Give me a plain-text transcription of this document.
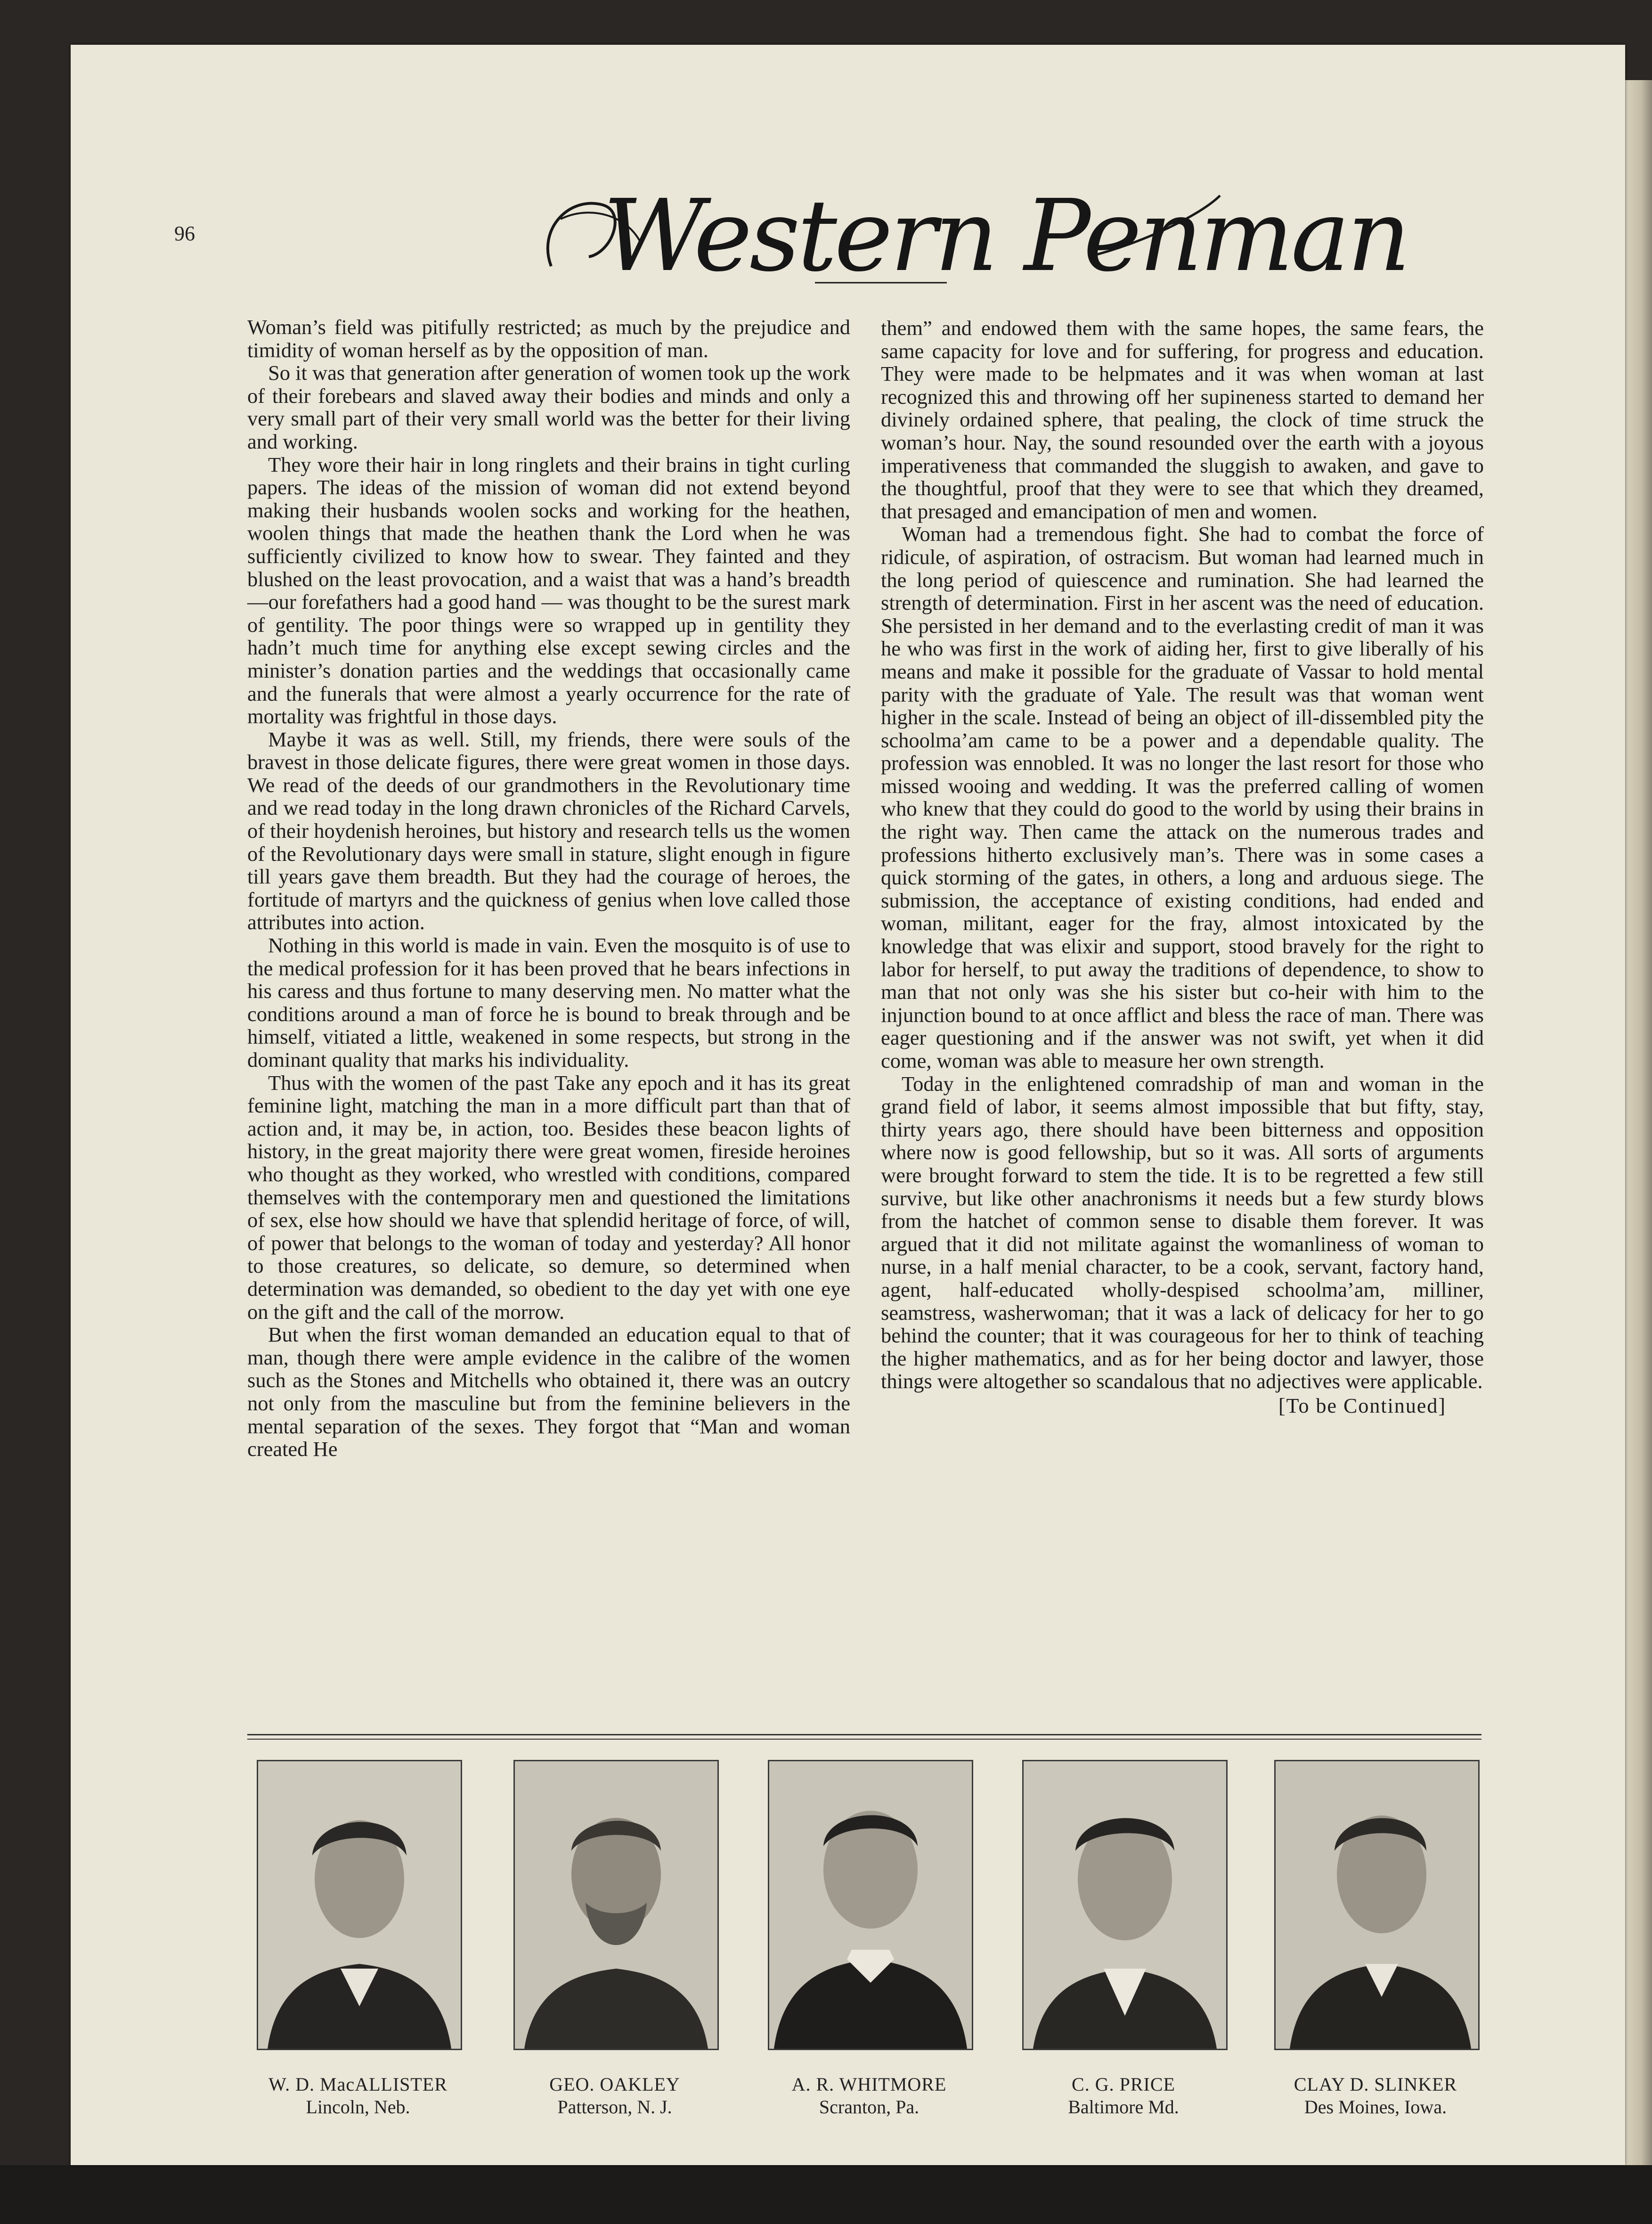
96	Western Penman

Woman’s field was pitifully restricted; as much by the prejudice and timidity of woman herself as by the opposition of man.

So it was that generation after generation of women took up the work of their forebears and slaved away their bodies and minds and only a very small part of their very small world was the better for their living and working.

They wore their hair in long ringlets and their brains in tight curling papers. The ideas of the mission of woman did not extend beyond making their husbands woolen socks and working for the heathen, woolen things that made the heathen thank the Lord when he was sufficiently civilized to know how to swear. They fainted and they blushed on the least provocation, and a waist that was a hand’s breadth—our forefathers had a good hand — was thought to be the surest mark of gentility. The poor things were so wrapped up in gentility they hadn’t much time for anything else except sewing circles and the minister’s donation parties and the weddings that occasionally came and the funerals that were almost a yearly occurrence for the rate of mortality was frightful in those days.

Maybe it was as well. Still, my friends, there were souls of the bravest in those delicate figures, there were great women in those days. We read of the deeds of our grandmothers in the Revolutionary time and we read today in the long drawn chronicles of the Richard Carvels, of their hoydenish heroines, but history and research tells us the women of the Revolutionary days were small in stature, slight enough in figure till years gave them breadth. But they had the courage of heroes, the fortitude of martyrs and the quickness of genius when love called those attributes into action.

Nothing in this world is made in vain. Even the mosquito is of use to the medical profession for it has been proved that he bears infections in his caress and thus fortune to many deserving men. No matter what the conditions around a man of force he is bound to break through and be himself, vitiated a little, weakened in some respects, but strong in the dominant quality that marks his individuality.

Thus with the women of the past Take any epoch and it has its great feminine light, matching the man in a more difficult part than that of action and, it may be, in action, too. Besides these beacon lights of history, in the great majority there were great women, fireside heroines who thought as they worked, who wrestled with conditions, compared themselves with the contemporary men and questioned the limitations of sex, else how should we have that splendid heritage of force, of will, of power that belongs to the woman of today and yesterday? All honor to those creatures, so delicate, so demure, so determined when determination was demanded, so obedient to the day yet with one eye on the gift and the call of the morrow.

But when the first woman demanded an education equal to that of man, though there were ample evidence in the calibre of the women such as the Stones and Mitchells who obtained it, there was an outcry not only from the masculine but from the feminine believers in the mental separation of the sexes. They forgot that “Man and woman created He

them” and endowed them with the same hopes, the same fears, the same capacity for love and for suffering, for progress and education. They were made to be helpmates and it was when woman at last recognized this and throwing off her supineness started to demand her divinely ordained sphere, that pealing, the clock of time struck the woman’s hour. Nay, the sound resounded over the earth with a joyous imperativeness that commanded the sluggish to awaken, and gave to the thoughtful, proof that they were to see that which they dreamed, that presaged and emancipation of men and women.

Woman had a tremendous fight. She had to combat the force of ridicule, of aspiration, of ostracism. But woman had learned much in the long period of quiescence and rumination. She had learned the strength of determination. First in her ascent was the need of education. She persisted in her demand and to the everlasting credit of man it was he who was first in the work of aiding her, first to give liberally of his means and make it possible for the graduate of Vassar to hold mental parity with the graduate of Yale. The result was that woman went higher in the scale. Instead of being an object of ill-dissembled pity the schoolma’am came to be a power and a dependable quality. The profession was ennobled. It was no longer the last resort for those who missed wooing and wedding. It was the preferred calling of women who knew that they could do good to the world by using their brains in the right way. Then came the attack on the numerous trades and professions hitherto exclusively man’s. There was in some cases a quick storming of the gates, in others, a long and arduous siege. The submission, the acceptance of existing conditions, had ended and woman, militant, eager for the fray, almost intoxicated by the knowledge that was elixir and support, stood bravely for the right to labor for herself, to put away the traditions of dependence, to show to man that not only was she his sister but co-heir with him to the injunction bound to at once afflict and bless the race of man. There was eager questioning and if the answer was not swift, yet when it did come, woman was able to measure her own strength.

Today in the enlightened comradship of man and woman in the grand field of labor, it seems almost impossible that but fifty, stay, thirty years ago, there should have been bitterness and opposition where now is good fellowship, but so it was. All sorts of arguments were brought forward to stem the tide. It is to be regretted a few still survive, but like other anachronisms it needs but a few sturdy blows from the hatchet of common sense to disable them forever. It was argued that it did not militate against the womanliness of woman to nurse, in a half menial character, to be a cook, servant, factory hand, agent, half-educated wholly-despised schoolma’am, milliner, seamstress, washerwoman; that it was a lack of delicacy for her to go behind the counter; that it was courageous for her to think of teaching the higher mathematics, and as for her being doctor and lawyer, those things were altogether so scandalous that no adjectives were applicable.

[To be Continued]
W. D. MacALLISTER
Lincoln, Neb.
GEO. OAKLEY
Patterson, N. J.
A. R. WHITMORE
Scranton, Pa.
C. G. PRICE
Baltimore Md.
CLAY D. SLINKER
Des Moines, Iowa.
